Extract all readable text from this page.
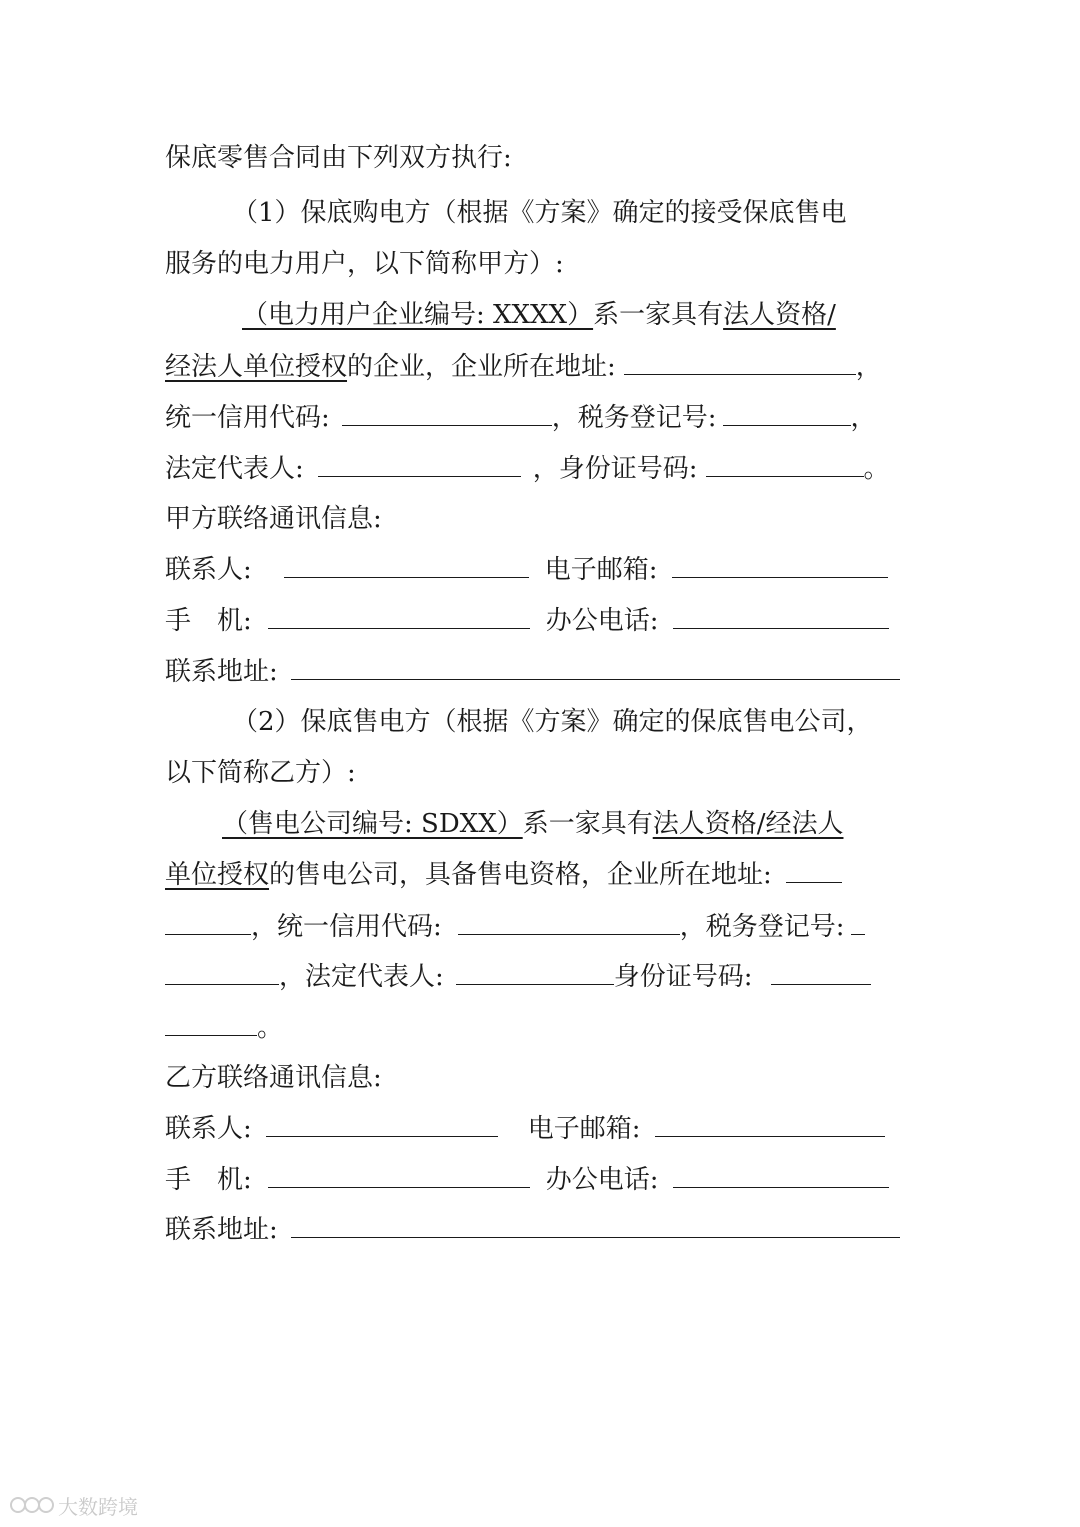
保底零售合同由下列双方执行:
（1）保底购电方（根据《方案》确定的接受保底售电
服务的电力用户，以下简称甲方）:
（电力用户企业编号: XXXX）系一家具有法人资格/
经法人单位授权的企业，企业所在地址:	，
统一信用代码:	，税务登记号:	，
法定代表人:	，身份证号码:	。
甲方联络通讯信息:
联系人:	电子邮箱:
手 机:	办公电话:
联系地址:
（2）保底售电方（根据《方案》确定的保底售电公司，
以下简称乙方）:
（售电公司编号: SDXX）系一家具有法人资格/经法人
单位授权的售电公司，具备售电资格，企业所在地址:
，统一信用代码:	，税务登记号:
，法定代表人:	身份证号码:
。
乙方联络通讯信息:
联系人:	电子邮箱:
手 机:	办公电话:
联系地址:
大数跨境
